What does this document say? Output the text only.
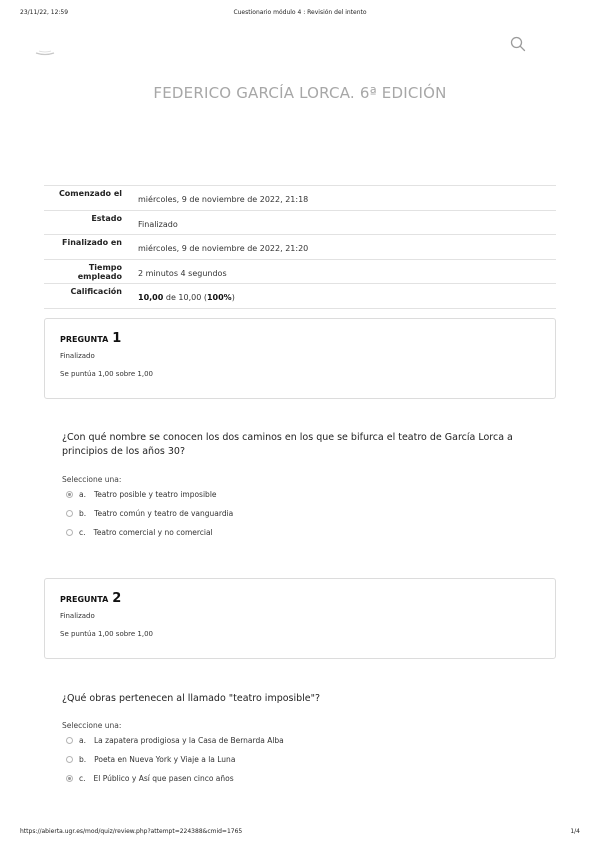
23/11/22, 12:59	Cuestionario módulo 4 : Revisión del intento
FEDERICO GARCÍA LORCA. 6ª EDICIÓN
Comenzado el	miércoles, 9 de noviembre de 2022, 21:18
Estado	Finalizado
Finalizado en	miércoles, 9 de noviembre de 2022, 21:20
Tiempo empleado	2 minutos 4 segundos
Calificación	10,00 de 10,00 (100%)
PREGUNTA 1
Finalizado
Se puntúa 1,00 sobre 1,00
¿Con qué nombre se conocen los dos caminos en los que se bifurca el teatro de García Lorca a principios de los años 30?
Seleccione una:
a. Teatro posible y teatro imposible
b. Teatro común y teatro de vanguardia
c. Teatro comercial y no comercial
PREGUNTA 2
Finalizado
Se puntúa 1,00 sobre 1,00
¿Qué obras pertenecen al llamado "teatro imposible"?
Seleccione una:
a. La zapatera prodigiosa y la Casa de Bernarda Alba
b. Poeta en Nueva York y Viaje a la Luna
c. El Público y Así que pasen cinco años
https://abierta.ugr.es/mod/quiz/review.php?attempt=224388&cmid=1765	1/4
